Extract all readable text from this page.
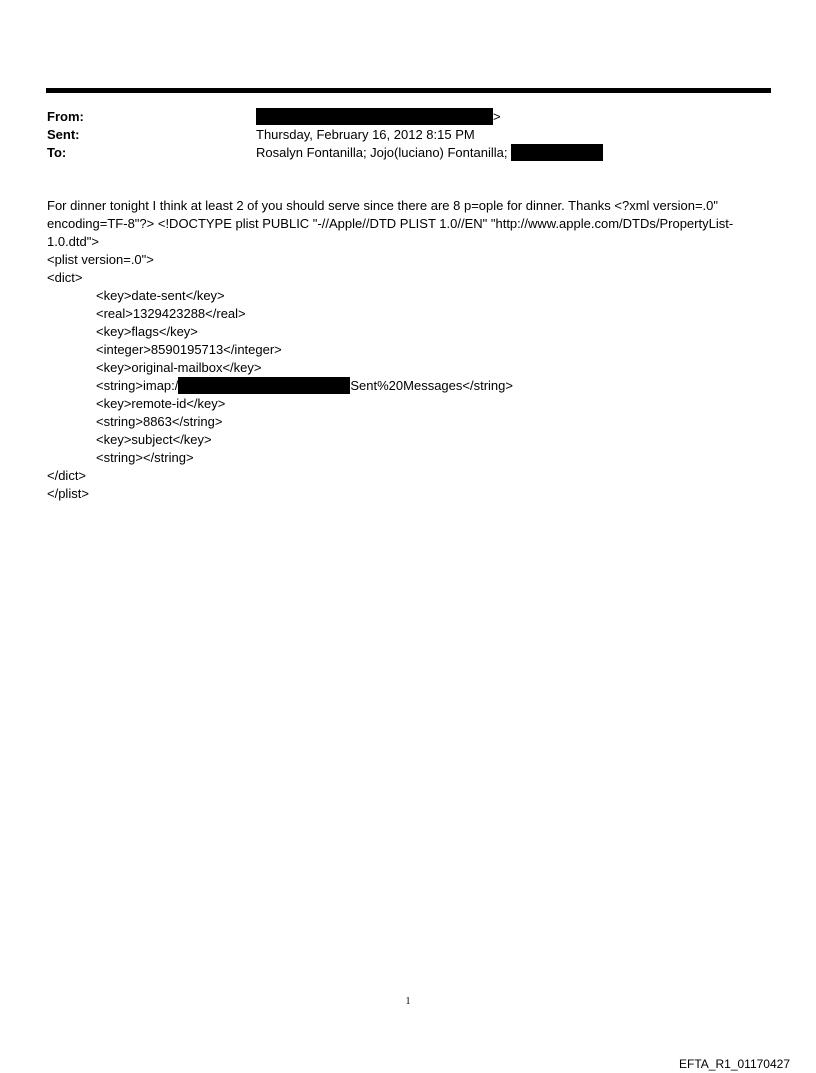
From:	>
Sent:	Thursday, February 16, 2012 8:15 PM
To:	Rosalyn Fontanilla; Jojo(luciano) Fontanilla;

For dinner tonight I think at least 2 of you should serve since there are 8 p=ople for dinner. Thanks <?xml version=.0" encoding=TF-8"?> <!DOCTYPE plist PUBLIC "-//Apple//DTD PLIST 1.0//EN" "http://www.apple.com/DTDs/PropertyList-1.0.dtd">

<plist version=.0">

<dict>

<key>date-sent</key>

<real>1329423288</real>

<key>flags</key>

<integer>8590195713</integer>

<key>original-mailbox</key>

<string>imap:/	Sent%20Messages</string>

<key>remote-id</key>

<string>8863</string>

<key>subject</key>

<string></string>

</dict>

</plist>

1
EFTA_R1_01170427
